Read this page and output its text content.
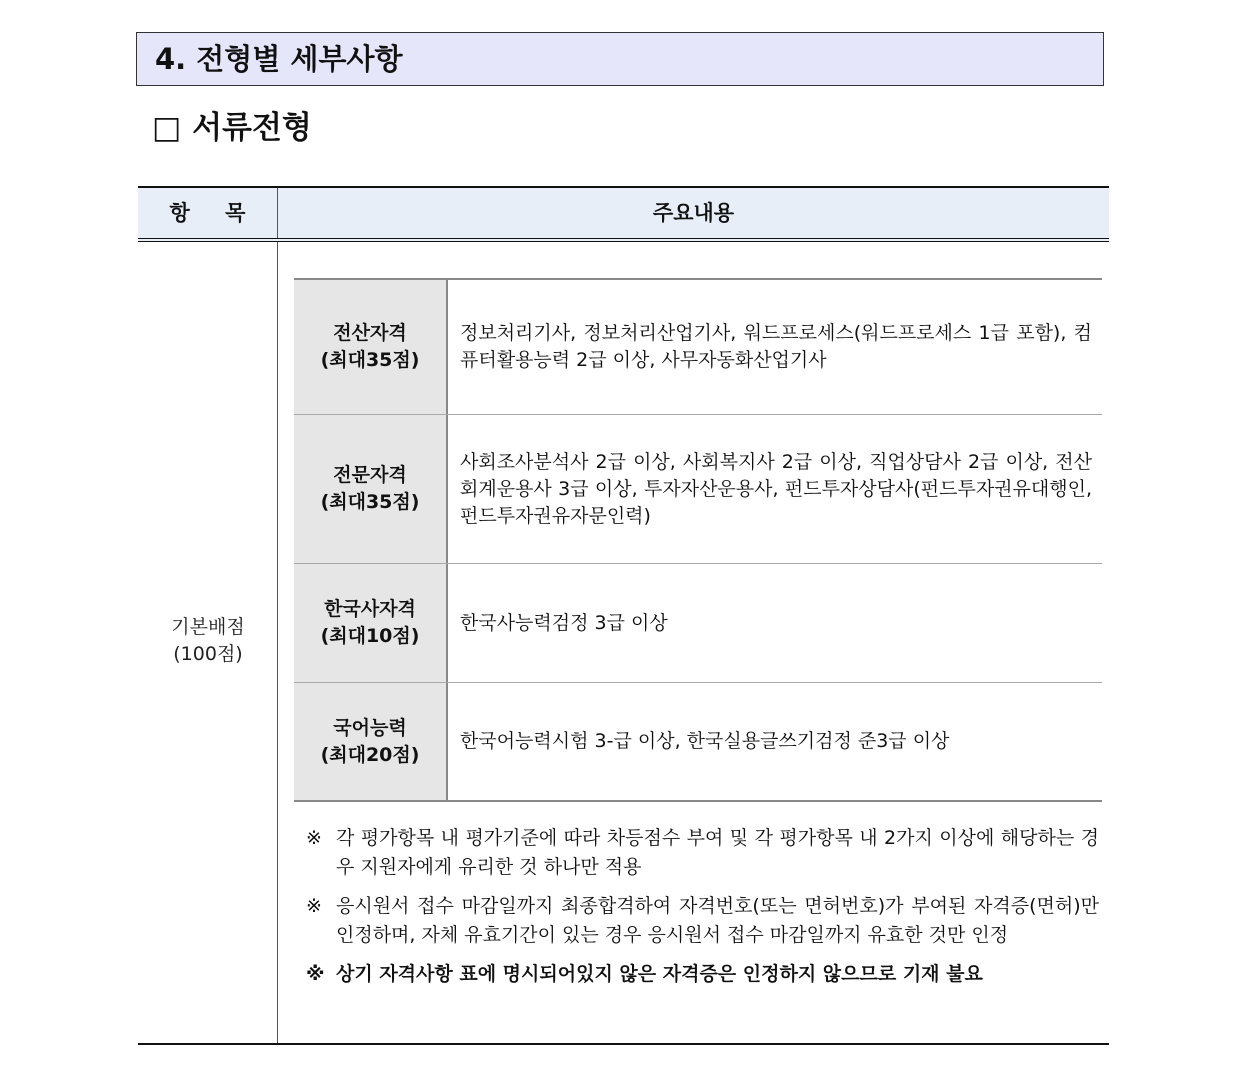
4. 전형별 세부사항
□ 서류전형
항 목	주요내용
기본배점
(100점)
전산자격
(최대35점)
정보처리기사, 정보처리산업기사, 워드프로세스(워드프로세스 1급 포함), 컴퓨터활용능력 2급 이상, 사무자동화산업기사
전문자격
(최대35점)
사회조사분석사 2급 이상, 사회복지사 2급 이상, 직업상담사 2급 이상, 전산회계운용사 3급 이상, 투자자산운용사, 펀드투자상담사(펀드투자권유대행인, 펀드투자권유자문인력)
한국사자격
(최대10점)
한국사능력검정 3급 이상
국어능력
(최대20점)
한국어능력시험 3-급 이상, 한국실용글쓰기검정 준3급 이상
※ 각 평가항목 내 평가기준에 따라 차등점수 부여 및 각 평가항목 내 2가지 이상에 해당하는 경우 지원자에게 유리한 것 하나만 적용
※ 응시원서 접수 마감일까지 최종합격하여 자격번호(또는 면허번호)가 부여된 자격증(면허)만 인정하며, 자체 유효기간이 있는 경우 응시원서 접수 마감일까지 유효한 것만 인정
※ 상기 자격사항 표에 명시되어있지 않은 자격증은 인정하지 않으므로 기재 불요
